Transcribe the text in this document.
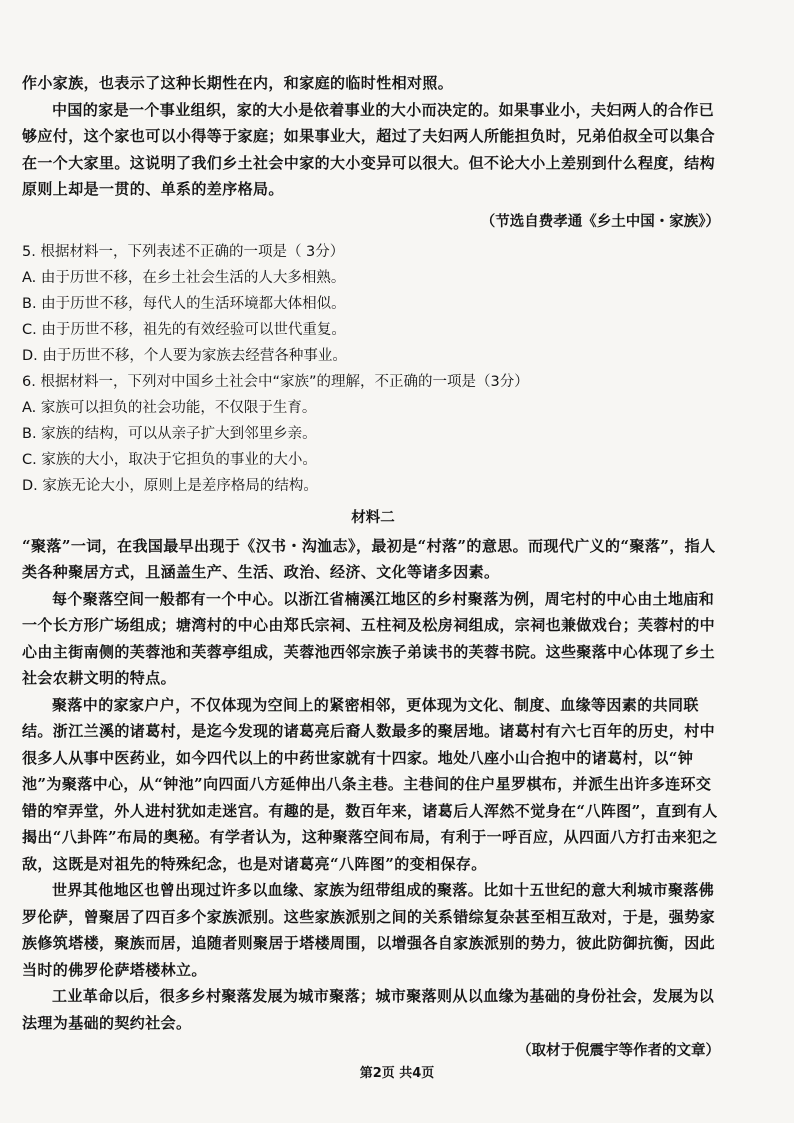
作小家族，也表示了这种长期性在内，和家庭的临时性相对照。

中国的家是一个事业组织，家的大小是依着事业的大小而决定的。如果事业小，夫妇两人的合作已够应付，这个家也可以小得等于家庭；如果事业大，超过了夫妇两人所能担负时，兄弟伯叔全可以集合在一个大家里。这说明了我们乡土社会中家的大小变异可以很大。但不论大小上差别到什么程度，结构原则上却是一贯的、单系的差序格局。

（节选自费孝通《乡土中国・家族》）

5. 根据材料一，下列表述不正确的一项是（ 3分）
A. 由于历世不移，在乡土社会生活的人大多相熟。
B. 由于历世不移，每代人的生活环境都大体相似。
C. 由于历世不移，祖先的有效经验可以世代重复。
D. 由于历世不移，个人要为家族去经营各种事业。
6. 根据材料一，下列对中国乡土社会中“家族”的理解，不正确的一项是（3分）
A. 家族可以担负的社会功能，不仅限于生育。
B. 家族的结构，可以从亲子扩大到邻里乡亲。
C. 家族的大小，取决于它担负的事业的大小。
D. 家族无论大小，原则上是差序格局的结构。

材料二

“聚落”一词，在我国最早出现于《汉书・沟洫志》，最初是“村落”的意思。而现代广义的“聚落”，指人类各种聚居方式，且涵盖生产、生活、政治、经济、文化等诸多因素。

每个聚落空间一般都有一个中心。以浙江省楠溪江地区的乡村聚落为例，周宅村的中心由土地庙和一个长方形广场组成；塘湾村的中心由郑氏宗祠、五柱祠及松房祠组成，宗祠也兼做戏台；芙蓉村的中心由主街南侧的芙蓉池和芙蓉亭组成，芙蓉池西邻宗族子弟读书的芙蓉书院。这些聚落中心体现了乡土社会农耕文明的特点。

聚落中的家家户户，不仅体现为空间上的紧密相邻，更体现为文化、制度、血缘等因素的共同联结。浙江兰溪的诸葛村，是迄今发现的诸葛亮后裔人数最多的聚居地。诸葛村有六七百年的历史，村中很多人从事中医药业，如今四代以上的中药世家就有十四家。地处八座小山合抱中的诸葛村，以“钟池”为聚落中心，从“钟池”向四面八方延伸出八条主巷。主巷间的住户星罗棋布，并派生出许多连环交错的窄弄堂，外人进村犹如走迷宫。有趣的是，数百年来，诸葛后人浑然不觉身在“八阵图”，直到有人揭出“八卦阵”布局的奥秘。有学者认为，这种聚落空间布局，有利于一呼百应，从四面八方打击来犯之敌，这既是对祖先的特殊纪念，也是对诸葛亮“八阵图”的变相保存。

世界其他地区也曾出现过许多以血缘、家族为纽带组成的聚落。比如十五世纪的意大利城市聚落佛罗伦萨，曾聚居了四百多个家族派别。这些家族派别之间的关系错综复杂甚至相互敌对，于是，强势家族修筑塔楼，聚族而居，追随者则聚居于塔楼周围，以增强各自家族派别的势力，彼此防御抗衡，因此当时的佛罗伦萨塔楼林立。

工业革命以后，很多乡村聚落发展为城市聚落；城市聚落则从以血缘为基础的身份社会，发展为以法理为基础的契约社会。

（取材于倪震宇等作者的文章）

第2页 共4页
